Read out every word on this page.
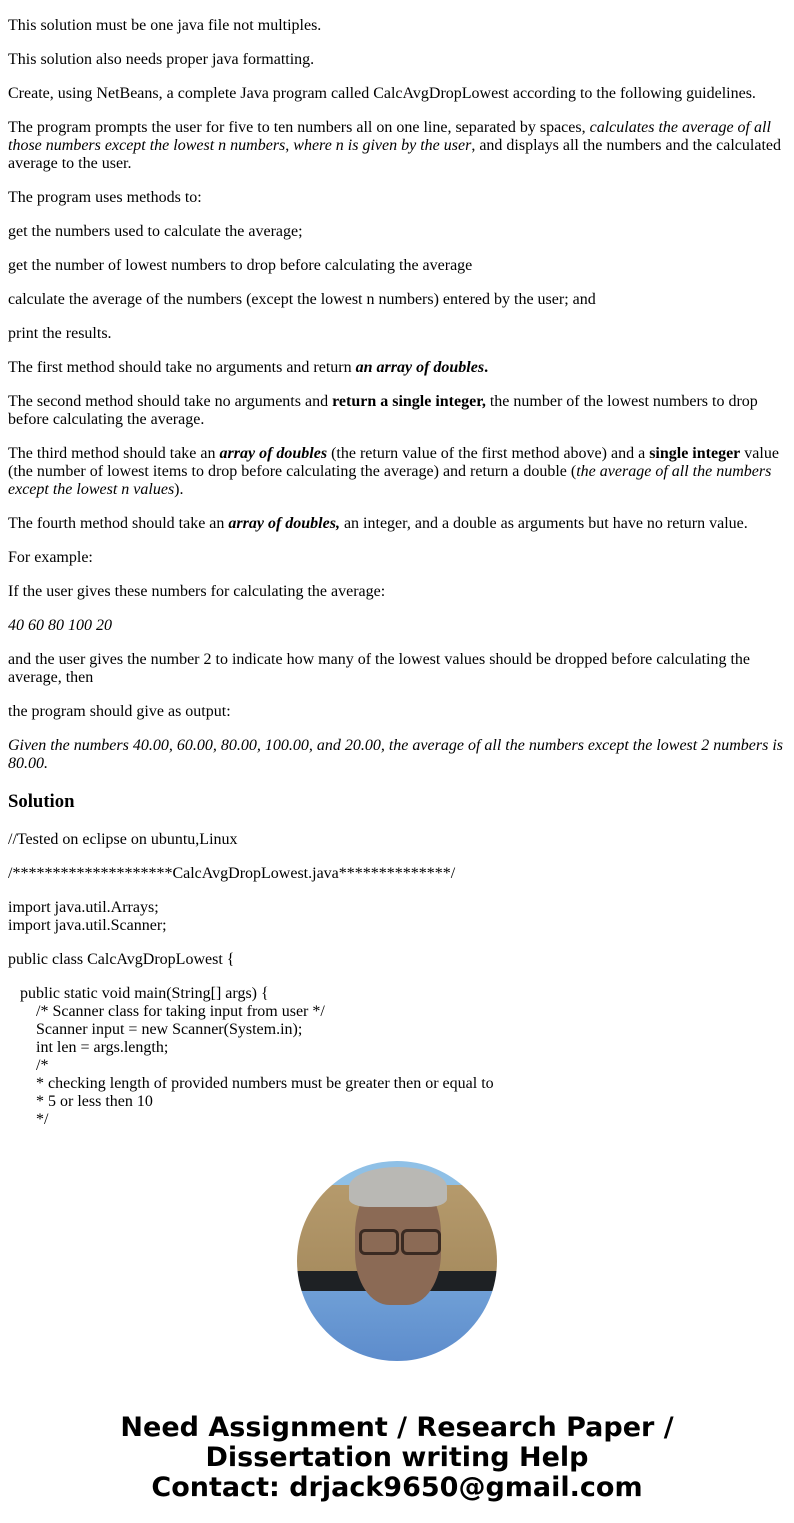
This solution must be one java file not multiples.

This solution also needs proper java formatting.

Create, using NetBeans, a complete Java program called CalcAvgDropLowest according to the following guidelines.

The program prompts the user for five to ten numbers all on one line, separated by spaces, calculates the average of all those numbers except the lowest n numbers, where n is given by the user, and displays all the numbers and the calculated average to the user.

The program uses methods to:

get the numbers used to calculate the average;

get the number of lowest numbers to drop before calculating the average

calculate the average of the numbers (except the lowest n numbers) entered by the user; and

print the results.

The first method should take no arguments and return an array of doubles.

The second method should take no arguments and return a single integer, the number of the lowest numbers to drop before calculating the average.

The third method should take an array of doubles (the return value of the first method above) and a single integer value (the number of lowest items to drop before calculating the average) and return a double (the average of all the numbers except the lowest n values).

The fourth method should take an array of doubles, an integer, and a double as arguments but have no return value.

For example:

If the user gives these numbers for calculating the average:

40 60 80 100 20

and the user gives the number 2 to indicate how many of the lowest values should be dropped before calculating the average, then

the program should give as output:

Given the numbers 40.00, 60.00, 80.00, 100.00, and 20.00, the average of all the numbers except the lowest 2 numbers is 80.00.

Solution
//Tested on eclipse on ubuntu,Linux
/********************CalcAvgDropLowest.java**************/
import java.util.Arrays;
import java.util.Scanner;
public class CalcAvgDropLowest {
public static void main(String[] args) {
/* Scanner class for taking input from user */
Scanner input = new Scanner(System.in);
int len = args.length;
/*
* checking length of provided numbers must be greater then or equal to
* 5 or less then 10
*/
Need Assignment / Research Paper / Dissertation writing Help
Contact: drjack9650@gmail.com
